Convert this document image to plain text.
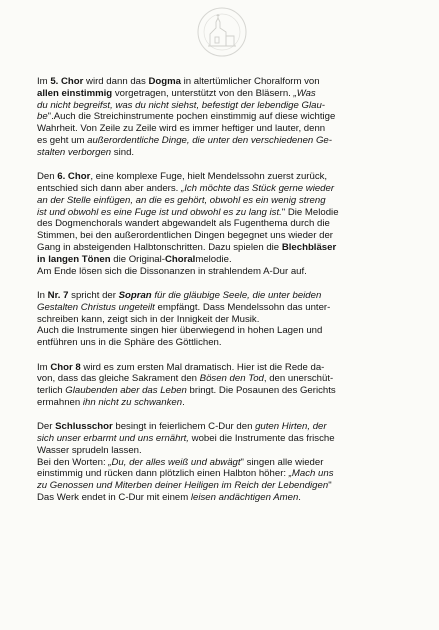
Im 5. Chor wird dann das Dogma in altertümlicher Choralform von
allen einstimmig vorgetragen, unterstützt von den Bläsern. „Was
du nicht begreifst, was du nicht siehst, befestigt der lebendige Glau-
be".Auch die Streichinstrumente pochen einstimmig auf diese wichtige
Wahrheit. Von Zeile zu Zeile wird es immer heftiger und lauter, denn
es geht um außerordentliche Dinge, die unter den verschiedenen Ge-
stalten verborgen sind.

Den 6. Chor, eine komplexe Fuge, hielt Mendelssohn zuerst zurück,
entschied sich dann aber anders. „Ich möchte das Stück gerne wieder
an der Stelle einfügen, an die es gehört, obwohl es ein wenig streng
ist und obwohl es eine Fuge ist und obwohl es zu lang ist." Die Melodie
des Dogmenchorals wandert abgewandelt als Fugenthema durch die
Stimmen, bei den außerordentlichen Dingen begegnet uns wieder der
Gang in absteigenden Halbtonschritten. Dazu spielen die Blechbläser
in langen Tönen die Original-Choralmelodie.
Am Ende lösen sich die Dissonanzen in strahlendem A-Dur auf.

In Nr. 7 spricht der Sopran für die gläubige Seele, die unter beiden
Gestalten Christus ungeteilt empfängt. Dass Mendelssohn das unter-
schreiben kann, zeigt sich in der Innigkeit der Musik.
Auch die Instrumente singen hier überwiegend in hohen Lagen und
entführen uns in die Sphäre des Göttlichen.

Im Chor 8 wird es zum ersten Mal dramatisch. Hier ist die Rede da-
von, dass das gleiche Sakrament den Bösen den Tod, den unerschüt-
terlich Glaubenden aber das Leben bringt. Die Posaunen des Gerichts
ermahnen ihn nicht zu schwanken.

Der Schlusschor besingt in feierlichem C-Dur den guten Hirten, der
sich unser erbarmt und uns ernährt, wobei die Instrumente das frische
Wasser sprudeln lassen.
Bei den Worten: „Du, der alles weiß und abwägt" singen alle wieder
einstimmig und rücken dann plötzlich einen Halbton höher: „Mach uns
zu Genossen und Miterben deiner Heiligen im Reich der Lebendigen"
Das Werk endet in C-Dur mit einem leisen andächtigen Amen.
